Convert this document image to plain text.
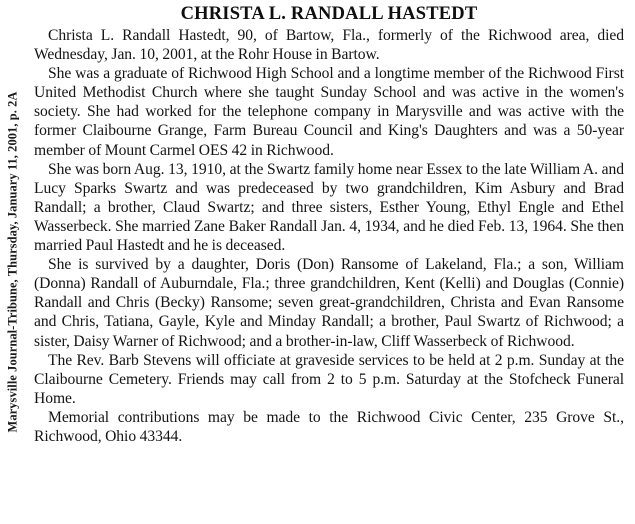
Marysville Journal-Tribune, Thursday, January 11, 2001, p. 2A
CHRISTA L. RANDALL HASTEDT

Christa L. Randall Hastedt, 90, of Bartow, Fla., formerly of the Richwood area, died Wednesday, Jan. 10, 2001, at the Rohr House in Bartow.

She was a graduate of Richwood High School and a longtime member of the Richwood First United Methodist Church where she taught Sunday School and was active in the women's society. She had worked for the telephone company in Marysville and was active with the former Claibourne Grange, Farm Bureau Council and King's Daughters and was a 50-year member of Mount Carmel OES 42 in Richwood.

She was born Aug. 13, 1910, at the Swartz family home near Essex to the late William A. and Lucy Sparks Swartz and was predeceased by two grandchildren, Kim Asbury and Brad Randall; a brother, Claud Swartz; and three sisters, Esther Young, Ethyl Engle and Ethel Wasserbeck. She married Zane Baker Randall Jan. 4, 1934, and he died Feb. 13, 1964. She then married Paul Hastedt and he is deceased.

She is survived by a daughter, Doris (Don) Ransome of Lakeland, Fla.; a son, William (Donna) Randall of Auburndale, Fla.; three grandchildren, Kent (Kelli) and Douglas (Connie) Randall and Chris (Becky) Ransome; seven great-grandchildren, Christa and Evan Ransome and Chris, Tatiana, Gayle, Kyle and Minday Randall; a brother, Paul Swartz of Richwood; a sister, Daisy Warner of Richwood; and a brother-in-law, Cliff Wasserbeck of Richwood.

The Rev. Barb Stevens will officiate at graveside services to be held at 2 p.m. Sunday at the Claibourne Cemetery. Friends may call from 2 to 5 p.m. Saturday at the Stofcheck Funeral Home.

Memorial contributions may be made to the Richwood Civic Center, 235 Grove St., Richwood, Ohio 43344.
